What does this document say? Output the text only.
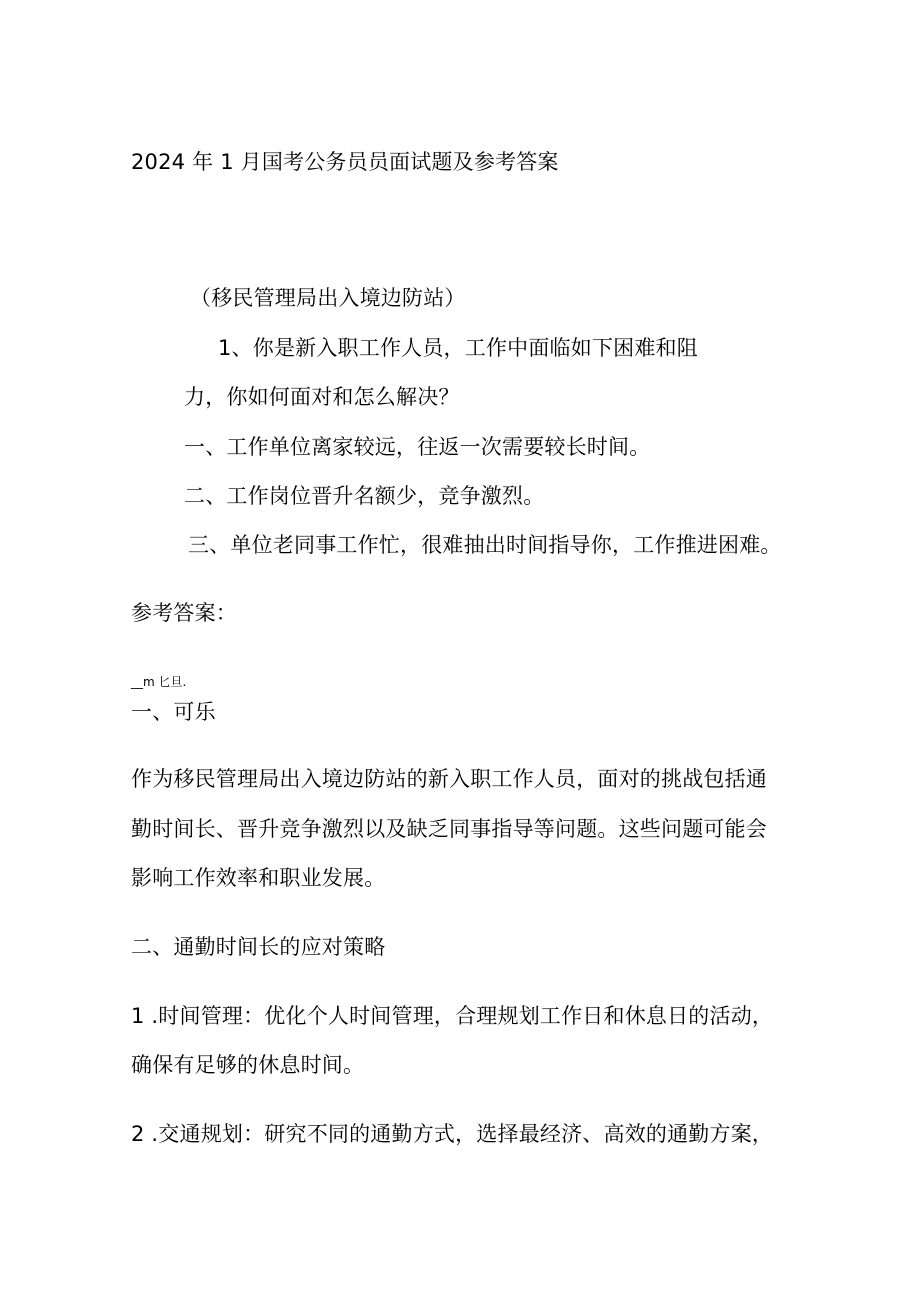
2024 年 1 月国考公务员员面试题及参考答案
（移民管理局出入境边防站）
1、你是新入职工作人员，工作中面临如下困难和阻
力，你如何面对和怎么解决？
一、工作单位离家较远，往返一次需要较长时间。
二、工作岗位晋升名额少，竞争激烈。
三、单位老同事工作忙，很难抽出时间指导你，工作推进困难。
参考答案：
__m 匕旦.
一、可乐
作为移民管理局出入境边防站的新入职工作人员，面对的挑战包括通
勤时间长、晋升竞争激烈以及缺乏同事指导等问题。这些问题可能会
影响工作效率和职业发展。
二、通勤时间长的应对策略
1 .时间管理：优化个人时间管理，合理规划工作日和休息日的活动，
确保有足够的休息时间。
2 .交通规划：研究不同的通勤方式，选择最经济、高效的通勤方案，
